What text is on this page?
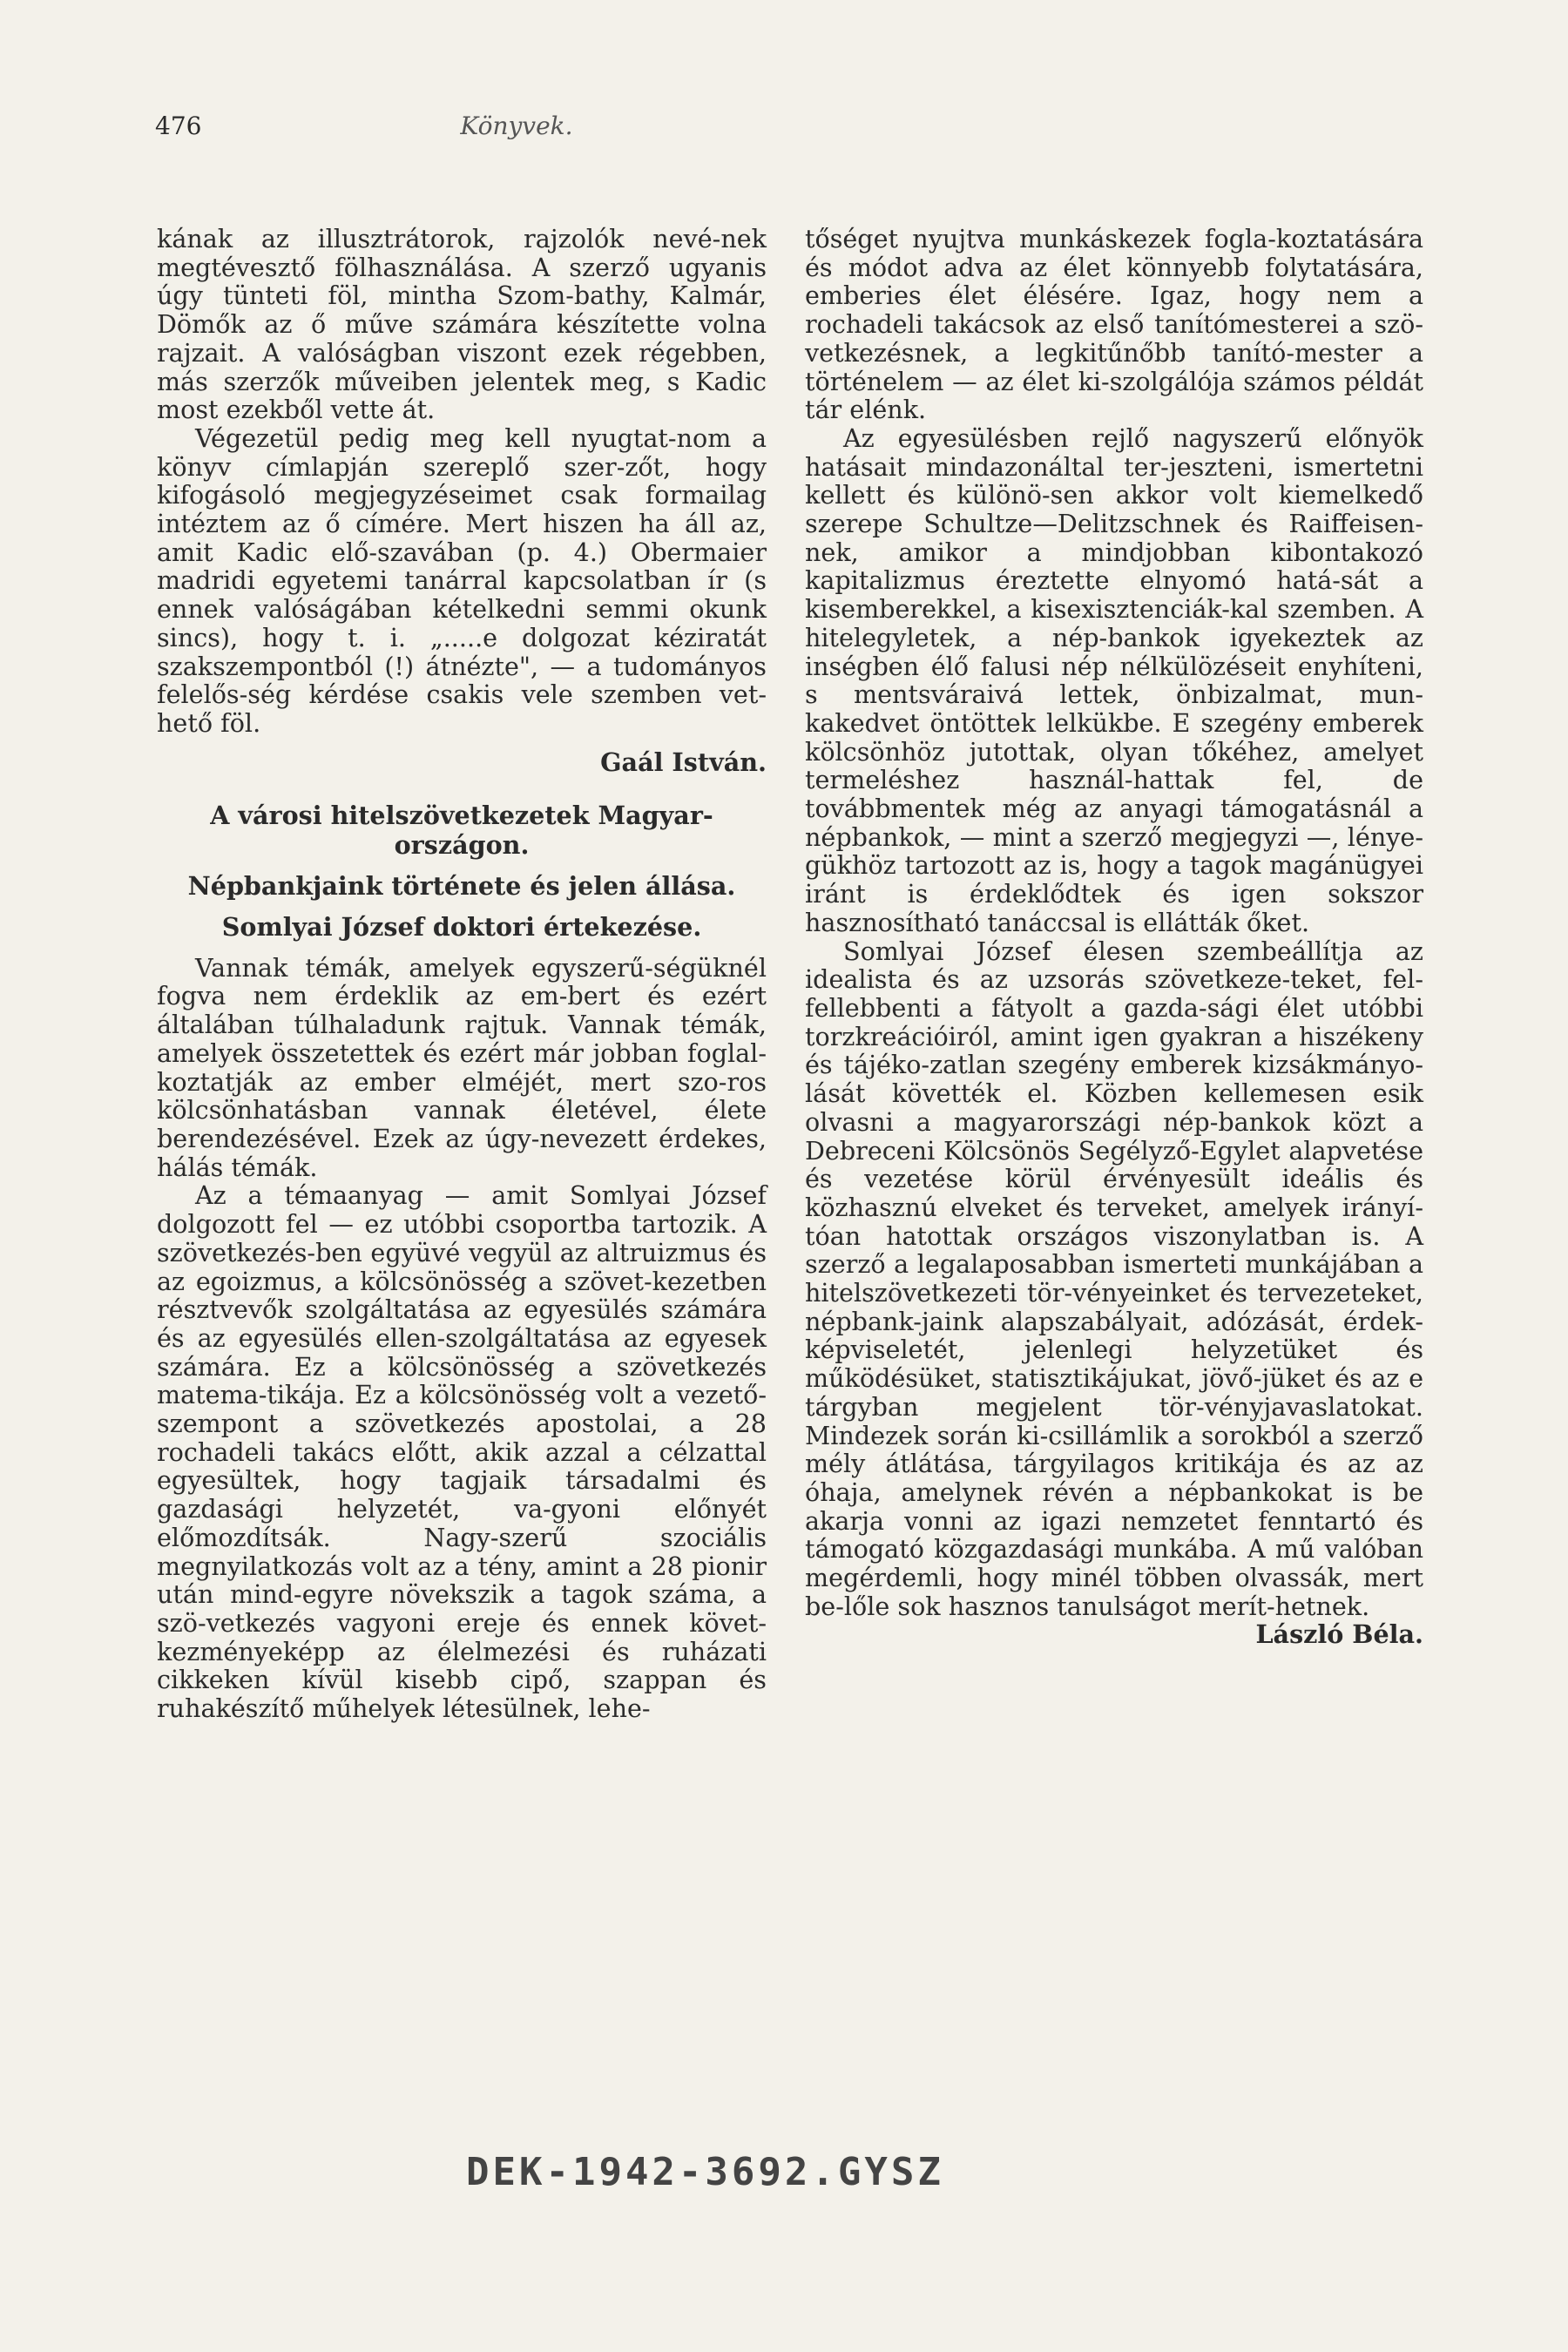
476	Könyvek.

kának az illusztrátorok, rajzolók nevé-nek megtévesztő fölhasználása. A szerző ugyanis úgy tünteti föl, mintha Szom-bathy, Kalmár, Dömők az ő műve számára készítette volna rajzait. A valóságban viszont ezek régebben, más szerzők műveiben jelentek meg, s Kadic most ezekből vette át.

Végezetül pedig meg kell nyugtat-nom a könyv címlapján szereplő szer-zőt, hogy kifogásoló megjegyzéseimet csak formailag intéztem az ő címére. Mert hiszen ha áll az, amit Kadic elő-szavában (p. 4.) Obermaier madridi egyetemi tanárral kapcsolatban ír (s ennek valóságában kételkedni semmi okunk sincs), hogy t. i. „.....e dolgozat kéziratát szakszempontból (!) átnézte", — a tudományos felelős-ség kérdése csakis vele szemben vet-hető föl.

Gaál István.
A városi hitelszövetkezetek Magyar-országon.
Népbankjaink története és jelen állása.
Somlyai József doktori értekezése.

Vannak témák, amelyek egyszerű-ségüknél fogva nem érdeklik az em-bert és ezért általában túlhaladunk rajtuk. Vannak témák, amelyek összetettek és ezért már jobban foglal-koztatják az ember elméjét, mert szo-ros kölcsönhatásban vannak életével, élete berendezésével. Ezek az úgy-nevezett érdekes, hálás témák.

Az a témaanyag — amit Somlyai József dolgozott fel — ez utóbbi csoportba tartozik. A szövetkezés-ben együvé vegyül az altruizmus és az egoizmus, a kölcsönösség a szövet-kezetben résztvevők szolgáltatása az egyesülés számára és az egyesülés ellen-szolgáltatása az egyesek számára. Ez a kölcsönösség a szövetkezés matema-tikája. Ez a kölcsönösség volt a vezető-szempont a szövetkezés apostolai, a 28 rochadeli takács előtt, akik azzal a célzattal egyesültek, hogy tagjaik társadalmi és gazdasági helyzetét, va-gyoni előnyét előmozdítsák. Nagy-szerű szociális megnyilatkozás volt az a tény, amint a 28 pionir után mind-egyre növekszik a tagok száma, a szö-vetkezés vagyoni ereje és ennek követ-kezményeképp az élelmezési és ruházati cikkeken kívül kisebb cipő, szappan és ruhakészítő műhelyek létesülnek, lehe-

tőséget nyujtva munkáskezek fogla-koztatására és módot adva az élet könnyebb folytatására, emberies élet élésére. Igaz, hogy nem a rochadeli takácsok az első tanítómesterei a szö-vetkezésnek, a legkitűnőbb tanító-mester a történelem — az élet ki-szolgálója számos példát tár elénk.

Az egyesülésben rejlő nagyszerű előnyök hatásait mindazonáltal ter-jeszteni, ismertetni kellett és különö-sen akkor volt kiemelkedő szerepe Schultze—Delitzschnek és Raiffeisen-nek, amikor a mindjobban kibontakozó kapitalizmus éreztette elnyomó hatá-sát a kisemberekkel, a kisexisztenciák-kal szemben. A hitelegyletek, a nép-bankok igyekeztek az inségben élő falusi nép nélkülözéseit enyhíteni, s mentsváraivá lettek, önbizalmat, mun-kakedvet öntöttek lelkükbe. E szegény emberek kölcsönhöz jutottak, olyan tőkéhez, amelyet termeléshez használ-hattak fel, de továbbmentek még az anyagi támogatásnál a népbankok, — mint a szerző megjegyzi —, lénye-gükhöz tartozott az is, hogy a tagok magánügyei iránt is érdeklődtek és igen sokszor hasznosítható tanáccsal is ellátták őket.

Somlyai József élesen szembeállítja az idealista és az uzsorás szövetkeze-teket, fel-fellebbenti a fátyolt a gazda-sági élet utóbbi torzkreációiról, amint igen gyakran a hiszékeny és tájéko-zatlan szegény emberek kizsákmányo-lását követték el. Közben kellemesen esik olvasni a magyarországi nép-bankok közt a Debreceni Kölcsönös Segélyző-Egylet alapvetése és vezetése körül érvényesült ideális és közhasznú elveket és terveket, amelyek irányí-tóan hatottak országos viszonylatban is. A szerző a legalaposabban ismerteti munkájában a hitelszövetkezeti tör-vényeinket és tervezeteket, népbank-jaink alapszabályait, adózását, érdek-képviseletét, jelenlegi helyzetüket és működésüket, statisztikájukat, jövő-jüket és az e tárgyban megjelent tör-vényjavaslatokat. Mindezek során ki-csillámlik a sorokból a szerző mély átlátása, tárgyilagos kritikája és az az óhaja, amelynek révén a népbankokat is be akarja vonni az igazi nemzetet fenntartó és támogató közgazdasági munkába. A mű valóban megérdemli, hogy minél többen olvassák, mert be-lőle sok hasznos tanulságot merít-hetnek.
László Béla.

DEK-1942-3692.GYSZ
